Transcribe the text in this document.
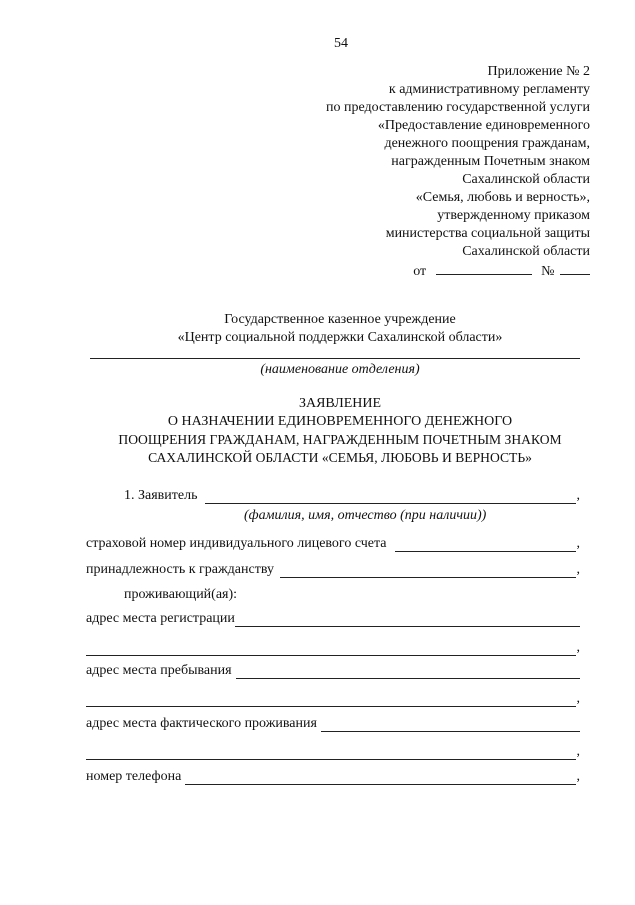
54
Приложение № 2
к административному регламенту
по предоставлению государственной услуги
«Предоставление единовременного
денежного поощрения гражданам,
награжденным Почетным знаком
Сахалинской области
«Семья, любовь и верность»,
утвержденному приказом
министерства социальной защиты
Сахалинской области
от	№
Государственное казенное учреждение
«Центр социальной поддержки Сахалинской области»
(наименование отделения)
ЗАЯВЛЕНИЕ
О НАЗНАЧЕНИИ ЕДИНОВРЕМЕННОГО ДЕНЕЖНОГО
ПООЩРЕНИЯ ГРАЖДАНАМ, НАГРАЖДЕННЫМ ПОЧЕТНЫМ ЗНАКОМ
САХАЛИНСКОЙ ОБЛАСТИ «СЕМЬЯ, ЛЮБОВЬ И ВЕРНОСТЬ»
1. Заявитель	,
(фамилия, имя, отчество (при наличии))
страховой номер индивидуального лицевого счета	,
принадлежность к гражданству	,
проживающий(ая):
адрес места регистрации
,
адрес места пребывания
,
адрес места фактического проживания
,
номер телефона	,
